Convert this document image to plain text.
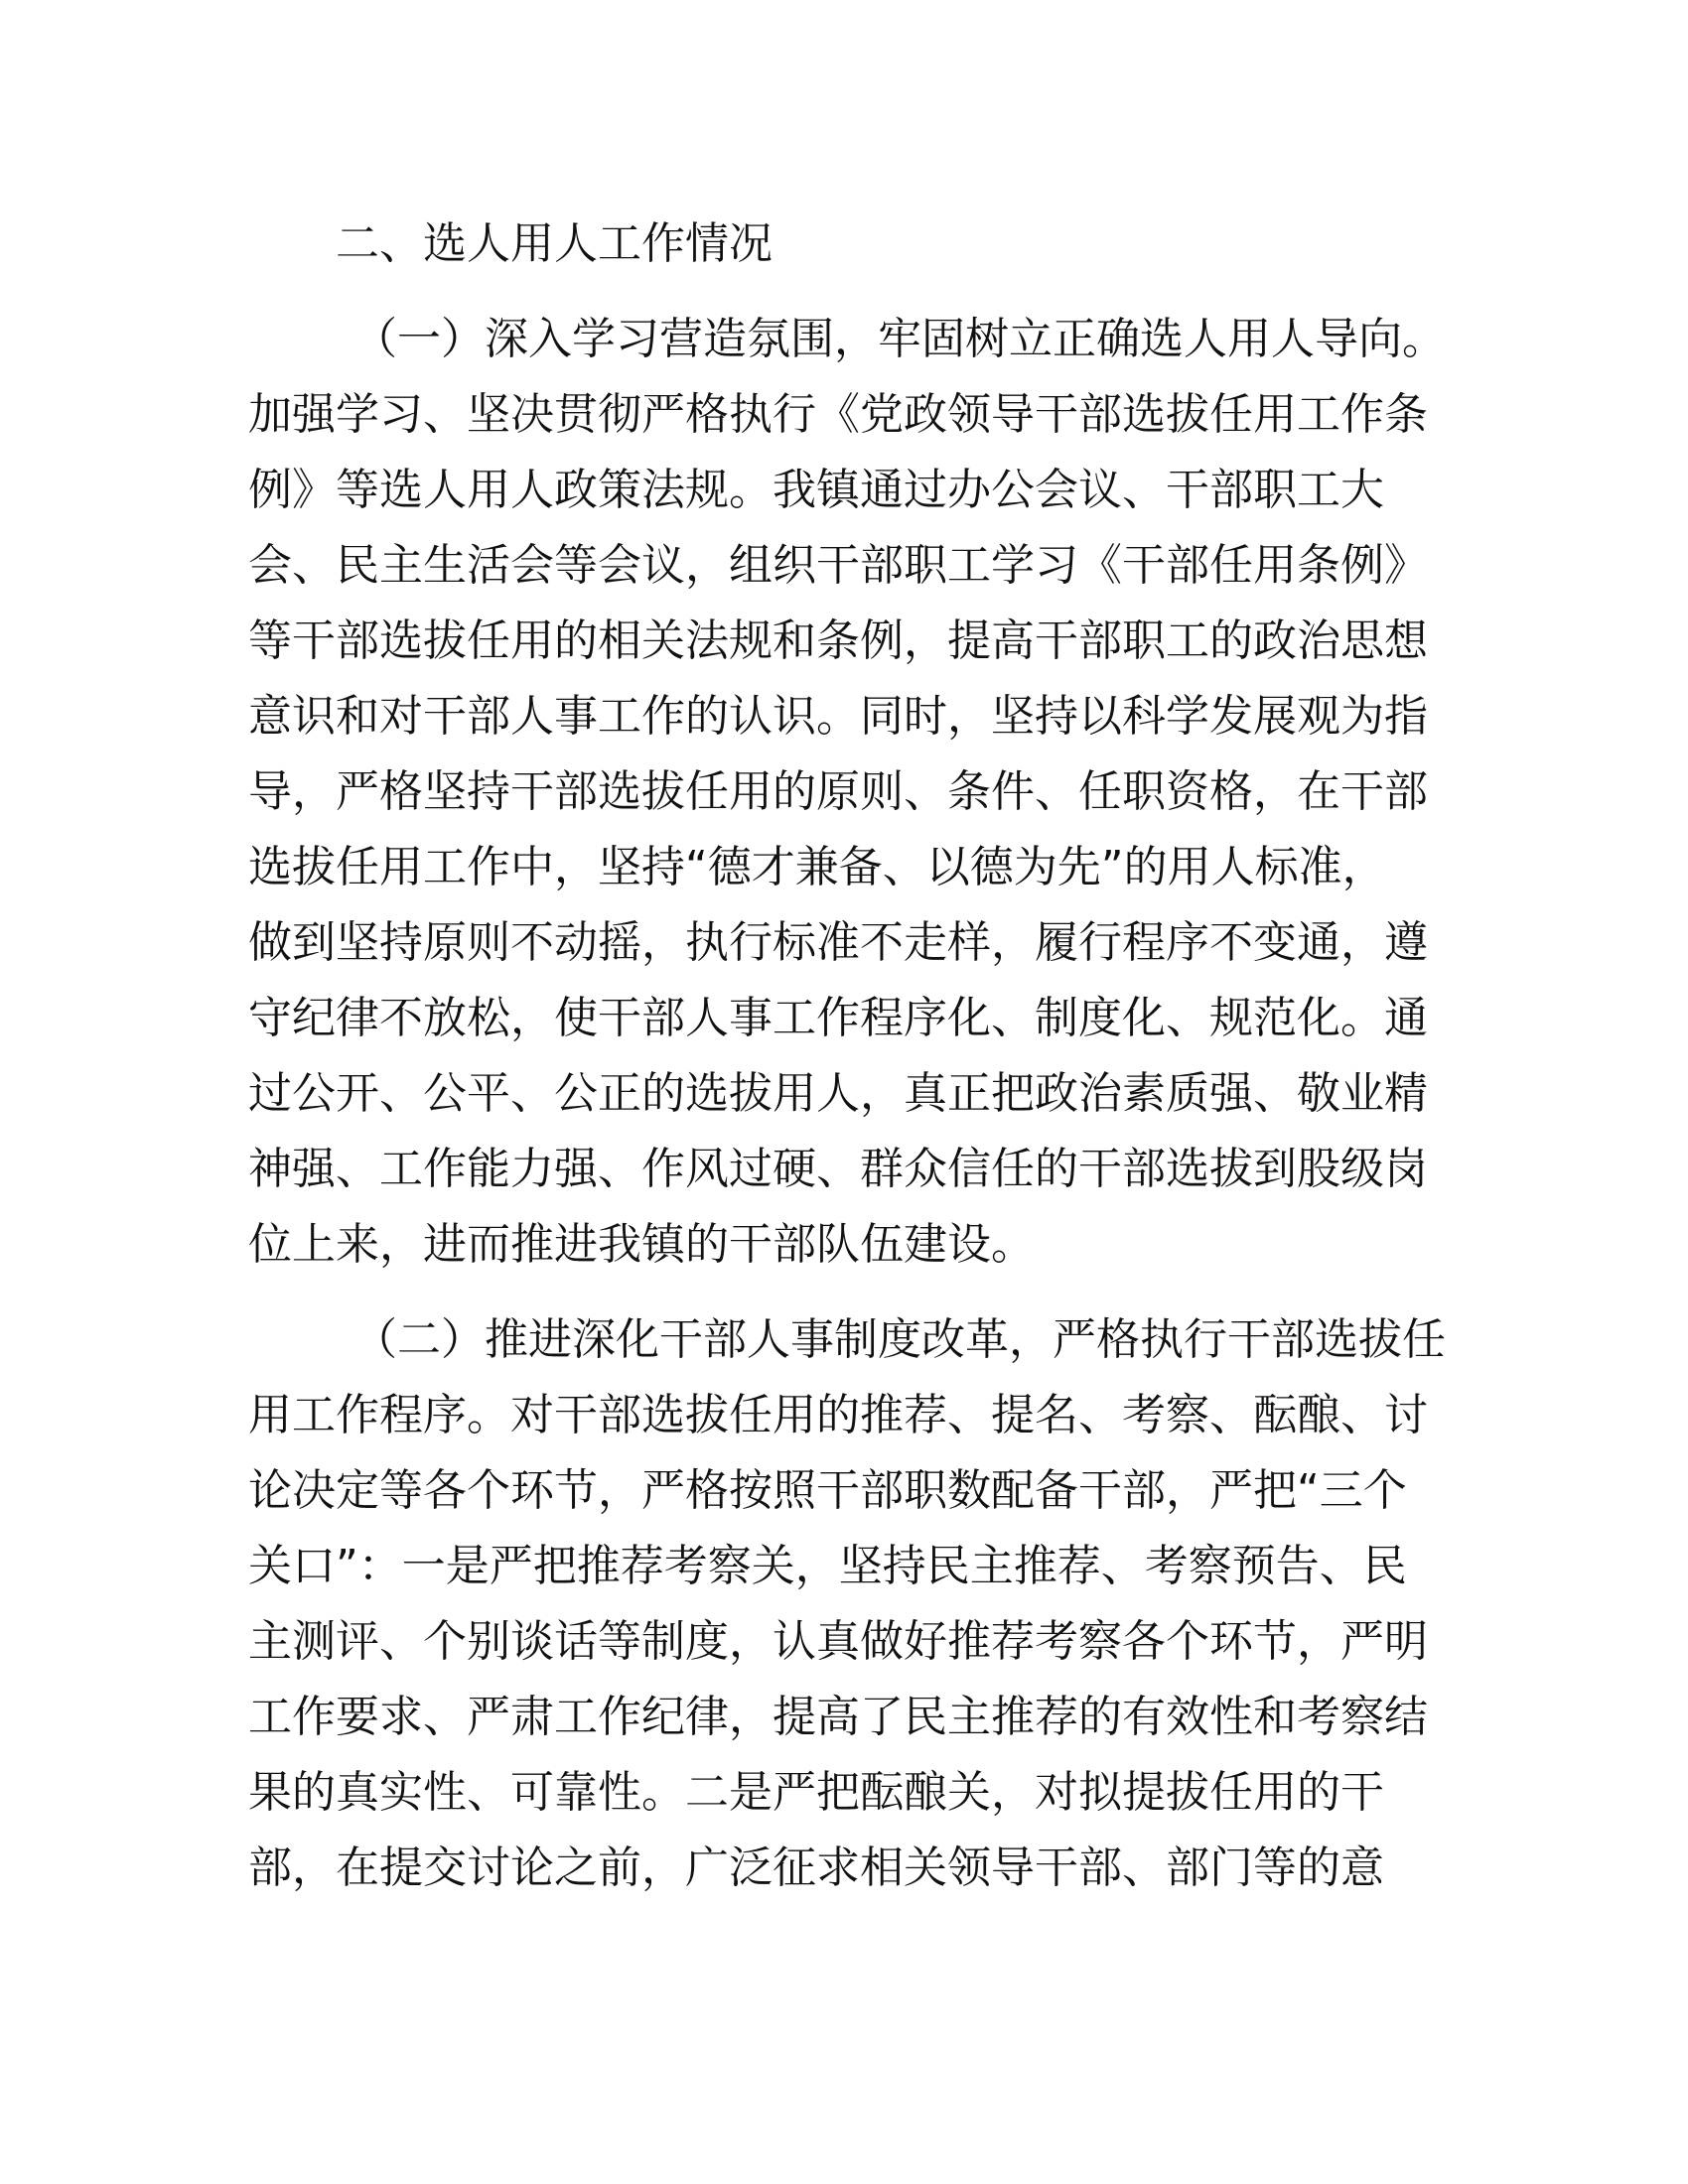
二、选人用人工作情况
（一）深入学习营造氛围，牢固树立正确选人用人导向。
加强学习、坚决贯彻严格执行《党政领导干部选拔任用工作条
例》等选人用人政策法规。我镇通过办公会议、干部职工大
会、民主生活会等会议，组织干部职工学习《干部任用条例》
等干部选拔任用的相关法规和条例，提高干部职工的政治思想
意识和对干部人事工作的认识。同时，坚持以科学发展观为指
导，严格坚持干部选拔任用的原则、条件、任职资格，在干部
选拔任用工作中，坚持“德才兼备、以德为先”的用人标准，
做到坚持原则不动摇，执行标准不走样，履行程序不变通，遵
守纪律不放松，使干部人事工作程序化、制度化、规范化。通
过公开、公平、公正的选拔用人，真正把政治素质强、敬业精
神强、工作能力强、作风过硬、群众信任的干部选拔到股级岗
位上来，进而推进我镇的干部队伍建设。
（二）推进深化干部人事制度改革，严格执行干部选拔任
用工作程序。对干部选拔任用的推荐、提名、考察、酝酿、讨
论决定等各个环节，严格按照干部职数配备干部，严把“三个
关口”：一是严把推荐考察关，坚持民主推荐、考察预告、民
主测评、个别谈话等制度，认真做好推荐考察各个环节，严明
工作要求、严肃工作纪律，提高了民主推荐的有效性和考察结
果的真实性、可靠性。二是严把酝酿关，对拟提拔任用的干
部，在提交讨论之前，广泛征求相关领导干部、部门等的意
